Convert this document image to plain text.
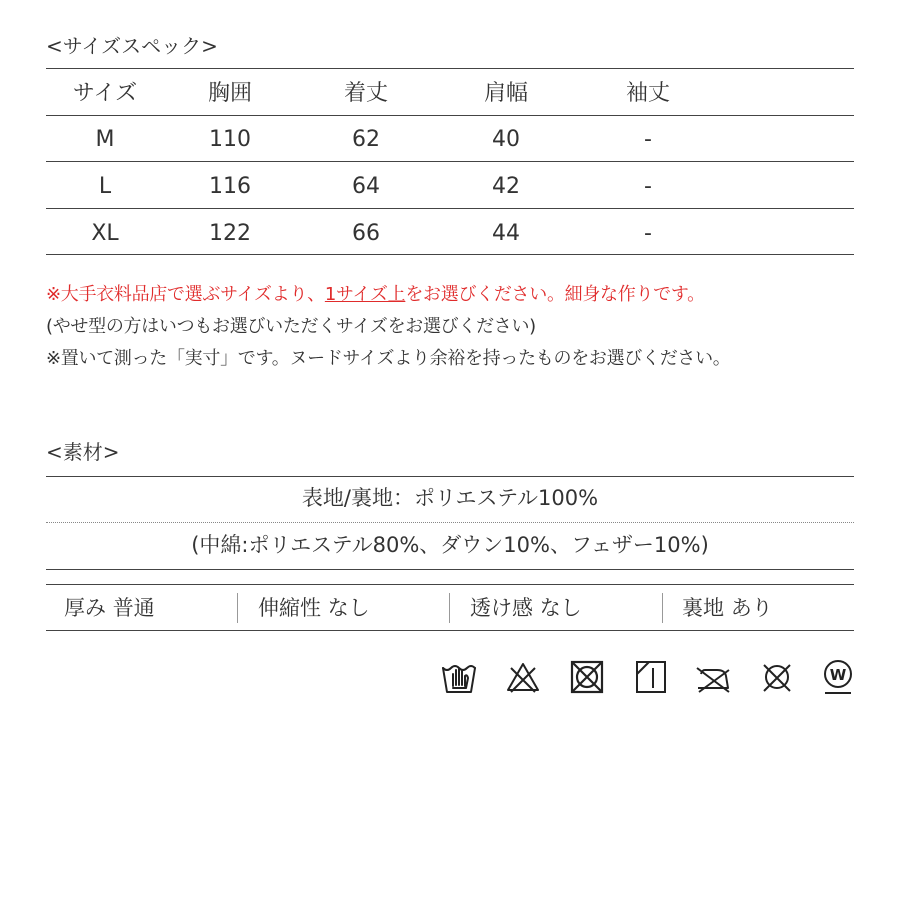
<サイズスペック>
サイズ	胸囲	着丈	肩幅	袖丈
M	110	62	40	-
L	116	64	42	-
XL	122	66	44	-
※大手衣料品店で選ぶサイズより、1サイズ上をお選びください。細身な作りです。
(やせ型の方はいつもお選びいただくサイズをお選びください)
※置いて測った「実寸」です。ヌードサイズより余裕を持ったものをお選びください。
<素材>
表地/裏地：ポリエステル100%
(中綿:ポリエステル80%、ダウン10%、フェザー10%)
厚み 普通	伸縮性 なし	透け感 なし	裏地 あり
W
